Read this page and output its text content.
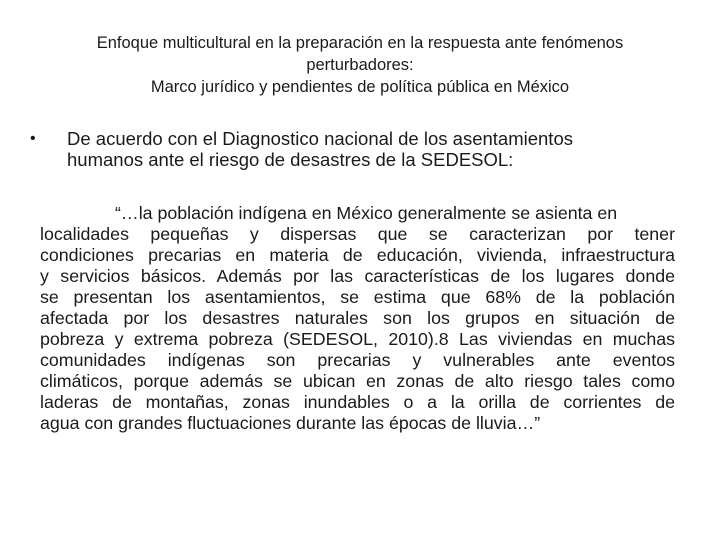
Enfoque multicultural en la preparación en la respuesta ante fenómenos
perturbadores:
Marco jurídico y pendientes de política pública en México
• De acuerdo con el Diagnostico nacional de los asentamientos
humanos ante el riesgo de desastres de la SEDESOL:
“…la población indígena en México generalmente se asienta en
localidades pequeñas y dispersas que se caracterizan por tener
condiciones precarias en materia de educación, vivienda, infraestructura
y servicios básicos. Además por las características de los lugares donde
se presentan los asentamientos, se estima que 68% de la población
afectada por los desastres naturales son los grupos en situación de
pobreza y extrema pobreza (SEDESOL, 2010).8 Las viviendas en muchas
comunidades indígenas son precarias y vulnerables ante eventos
climáticos, porque además se ubican en zonas de alto riesgo tales como
laderas de montañas, zonas inundables o a la orilla de corrientes de
agua con grandes fluctuaciones durante las épocas de lluvia…”
